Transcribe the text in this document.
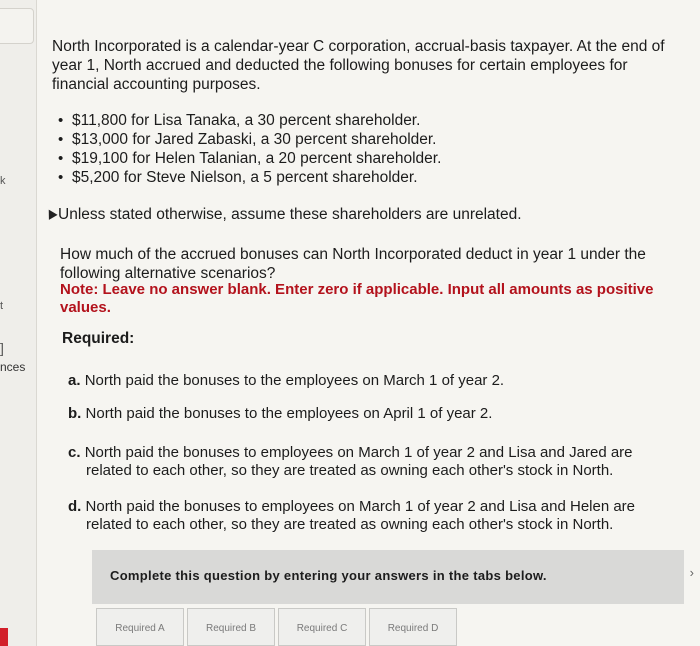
k
t
]
nces

North Incorporated is a calendar-year C corporation, accrual-basis taxpayer. At the end of year 1, North accrued and deducted the following bonuses for certain employees for financial accounting purposes.

• $11,800 for Lisa Tanaka, a 30 percent shareholder.
• $13,000 for Jared Zabaski, a 30 percent shareholder.
• $19,100 for Helen Talanian, a 20 percent shareholder.
• $5,200 for Steve Nielson, a 5 percent shareholder.

Unless stated otherwise, assume these shareholders are unrelated.

How much of the accrued bonuses can North Incorporated deduct in year 1 under the following alternative scenarios?

Note: Leave no answer blank. Enter zero if applicable. Input all amounts as positive values.

Required:

a. North paid the bonuses to the employees on March 1 of year 2.

b. North paid the bonuses to the employees on April 1 of year 2.

c. North paid the bonuses to employees on March 1 of year 2 and Lisa and Jared are related to each other, so they are treated as owning each other's stock in North.

d. North paid the bonuses to employees on March 1 of year 2 and Lisa and Helen are related to each other, so they are treated as owning each other's stock in North.

Complete this question by entering your answers in the tabs below.
Required A	Required B	Required C	Required D
›
